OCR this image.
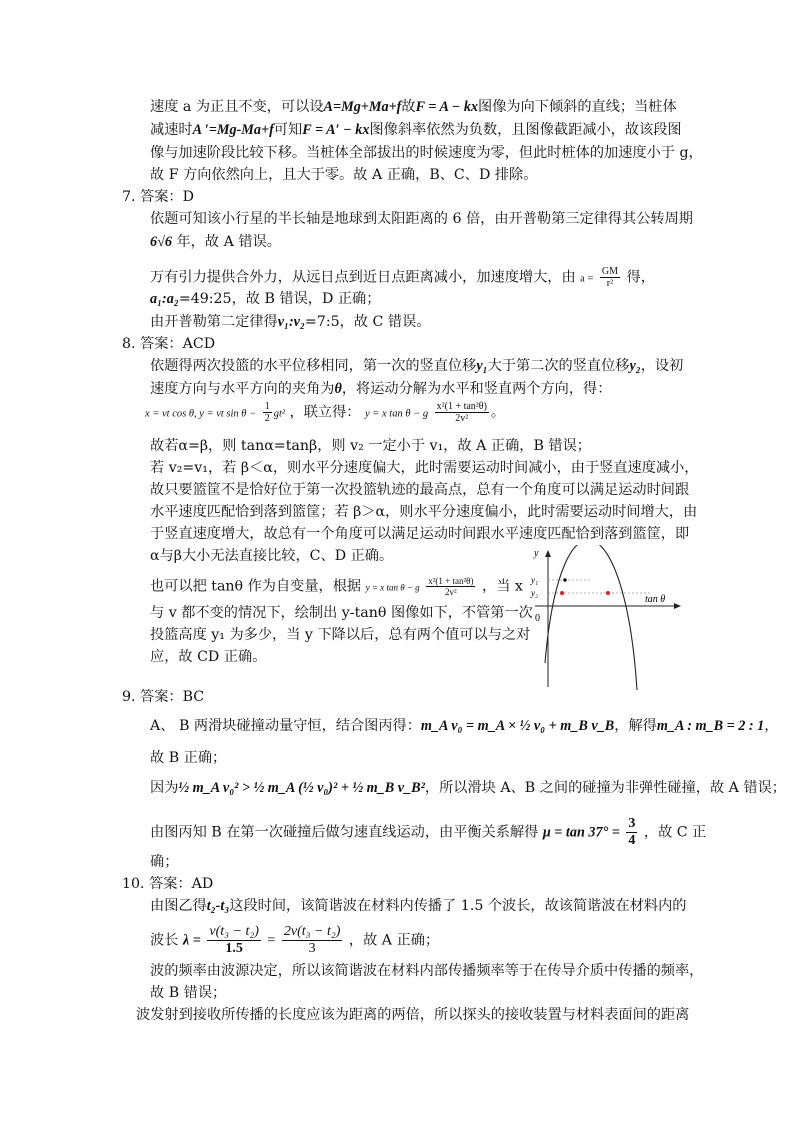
速度 a 为正且不变，可以设A=Mg+Ma+f故F = A − kx图像为向下倾斜的直线；当桩体
减速时A ′=Mg-Ma+f可知F = A′ − kx图像斜率依然为负数，且图像截距减小，故该段图
像与加速阶段比较下移。当桩体全部拔出的时候速度为零，但此时桩体的加速度小于 g，
故 F 方向依然向上，且大于零。故 A 正确，B、C、D 排除。
7. 答案：D
依题可知该小行星的半长轴是地球到太阳距离的 6 倍，由开普勒第三定律得其公转周期
6√6 年，故 A 错误。
万有引力提供合外力，从远日点到近日点距离减小，加速度增大，由 $a = \frac{GM}{\text{r²}}$ 得，
a₁:a₂=49:25，故 B 错误，D 正确；
由开普勒第二定律得v₁:v₂=7:5，故 C 错误。
8. 答案：ACD
依题得两次投篮的水平位移相同，第一次的竖直位移y₁大于第二次的竖直位移y₂，设初
速度方向与水平方向的夹角为θ，将运动分解为水平和竖直两个方向，得：
x = vt cos θ, y = vt $\sin \theta - \frac{1}{2} gt^2$ ，联立得： y = x tan θ − g $\frac{\text{x²(1 + tan²θ)}}{\text{2v²}}$ 。
故若α=β，则 tanα=tanβ，则 v₂ 一定小于 v₁，故 A 正确，B 错误；
若 v₂=v₁，若 β＜α，则水平分速度偏大，此时需要运动时间减小，由于竖直速度减小，
故只要篮筐不是恰好位于第一次投篮轨迹的最高点，总有一个角度可以满足运动时间跟
水平速度匹配恰到落到篮筐；若 β＞α，则水平分速度偏小，此时需要运动时间增大，由
于竖直速度增大，故总有一个角度可以满足运动时间跟水平速度匹配恰到落到篮筐，即
α与β大小无法直接比较，C、D 正确。
也可以把 tanθ 作为自变量，根据 y = x tan θ − g $\frac{\text{x²(1 + tan²θ)}}{\text{2v²}}$ ，当 x
与 v 都不变的情况下，绘制出 y-tanθ 图像如下，不管第一次
投篮高度 y₁ 为多少，当 y 下降以后，总有两个值可以与之对
应，故 CD 正确。
y
y₁
y₂
tan θ
0
9. 答案：BC
A、 B 两滑块碰撞动量守恒，结合图丙得：m_A v₀ = m_A × ½ v₀ + m_B v_B，解得m_A : m_B = 2 : 1，
故 B 正确；
因为½ m_A v₀² > ½ m_A (½ v₀)² + ½ m_B v_B²，所以滑块 A、B 之间的碰撞为非弹性碰撞，故 A 错误；
由图丙知 B 在第一次碰撞后做匀速直线运动，由平衡关系解得 $\mu = \tan 37^\circ = \frac{3}{4}$ ，故 C 正
确；
10. 答案：AD
由图乙得t₂-t₃这段时间，该简谐波在材料内传播了 1.5 个波长，故该简谐波在材料内的
波长 $\lambda = \frac{\text{v(t₃ − t₂)}}{1.5} = \frac{\text{2v(t₃ − t₂)}}{3}$ ，故 A 正确；
波的频率由波源决定，所以该简谐波在材料内部传播频率等于在传导介质中传播的频率，
故 B 错误；
波发射到接收所传播的长度应该为距离的两倍，所以探头的接收装置与材料表面间的距离
